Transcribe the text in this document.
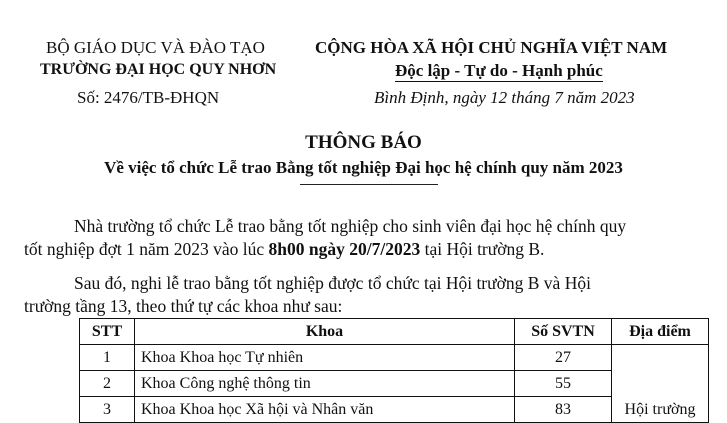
BỘ GIÁO DỤC VÀ ĐÀO TẠO
TRƯỜNG ĐẠI HỌC QUY NHƠN
Số: 2476/TB-ĐHQN
CỘNG HÒA XÃ HỘI CHỦ NGHĨA VIỆT NAM
Độc lập - Tự do - Hạnh phúc
Bình Định, ngày 12 tháng 7 năm 2023
THÔNG BÁO
Về việc tổ chức Lễ trao Bằng tốt nghiệp Đại học hệ chính quy năm 2023
Nhà trường tổ chức Lễ trao bằng tốt nghiệp cho sinh viên đại học hệ chính quy
tốt nghiệp đợt 1 năm 2023 vào lúc 8h00 ngày 20/7/2023 tại Hội trường B.
Sau đó, nghi lễ trao bằng tốt nghiệp được tổ chức tại Hội trường B và Hội
trường tầng 13, theo thứ tự các khoa như sau:
STT	Khoa	Số SVTN	Địa điểm
1	Khoa Khoa học Tự nhiên	27	Hội trường
2	Khoa Công nghệ thông tin	55	
3	Khoa Khoa học Xã hội và Nhân văn	83	
